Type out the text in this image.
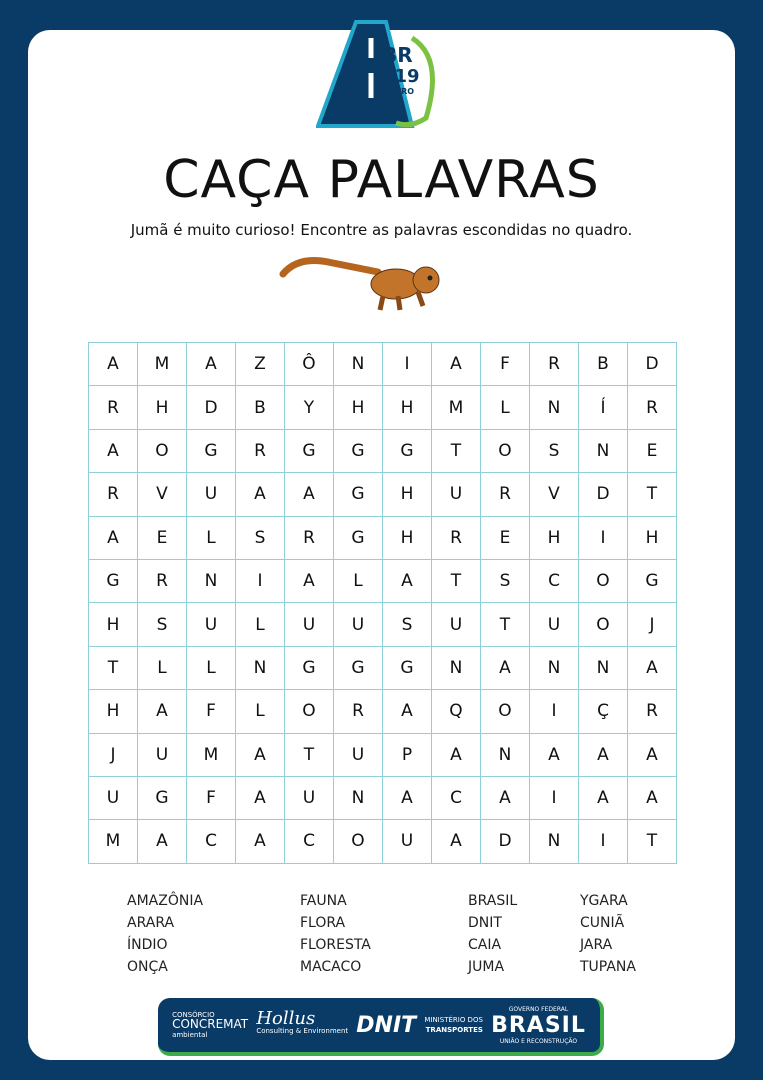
BR
319
AM/RO
CAÇA PALAVRAS
Jumã é muito curioso! Encontre as palavras escondidas no quadro.
A	M	A	Z	Ô	N	I	A	F	R	B	D
R	H	D	B	Y	H	H	M	L	N	Í	R
A	O	G	R	G	G	G	T	O	S	N	E
R	V	U	A	A	G	H	U	R	V	D	T
A	E	L	S	R	G	H	R	E	H	I	H
G	R	N	I	A	L	A	T	S	C	O	G
H	S	U	L	U	U	S	U	T	U	O	J
T	L	L	N	G	G	G	N	A	N	N	A
H	A	F	L	O	R	A	Q	O	I	Ç	R
J	U	M	A	T	U	P	A	N	A	A	A
U	G	F	A	U	N	A	C	A	I	A	A
M	A	C	A	C	O	U	A	D	N	I	T
AMAZÔNIA
ARARA
ÍNDIO
ONÇA
FAUNA
FLORA
FLORESTA
MACACO
BRASIL
DNIT
CAIA
JUMA
YGARA
CUNIÃ
JARA
TUPANA
CONSÓRCIO
CONCREMAT
ambiental
Hollus
Consulting & Environment DNIT MINISTÉRIO DOS
TRANSPORTES
GOVERNO FEDERAL
BRASIL
UNIÃO E RECONSTRUÇÃO
